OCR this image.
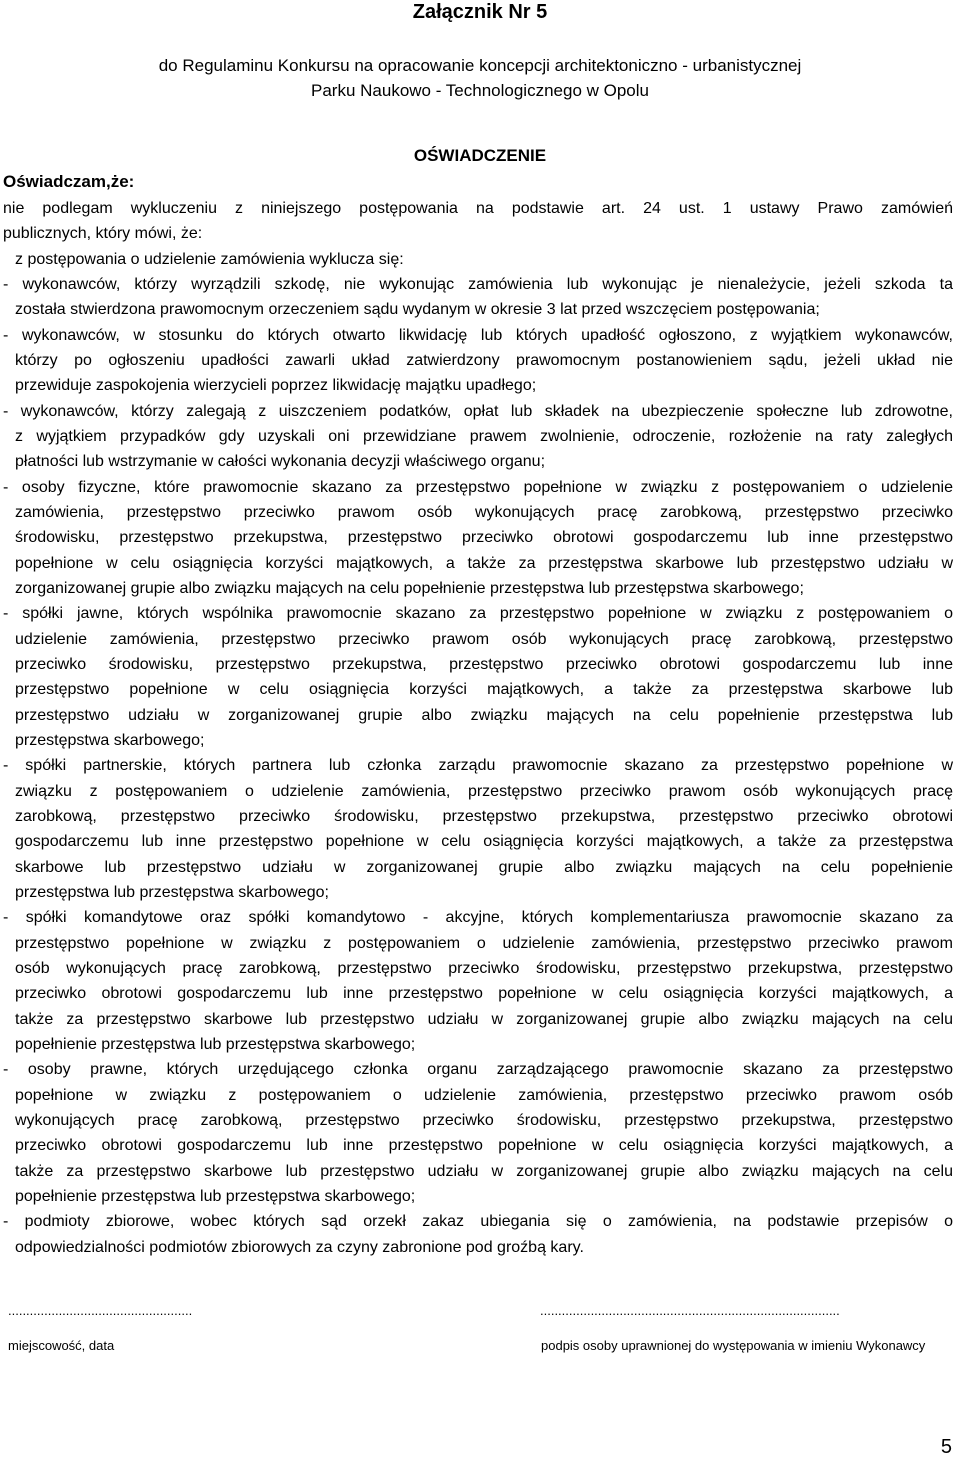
Załącznik Nr 5
do Regulaminu Konkursu na opracowanie koncepcji architektoniczno - urbanistycznej
Parku Naukowo - Technologicznego w Opolu
OŚWIADCZENIE
Oświadczam,że:
nie podlegam wykluczeniu z niniejszego postępowania na podstawie art. 24 ust. 1 ustawy Prawo zamówień
publicznych, który mówi, że:
z postępowania o udzielenie zamówienia wyklucza się:
- wykonawców, którzy wyrządzili szkodę, nie wykonując zamówienia lub wykonując je nienależycie, jeżeli szkoda ta
została stwierdzona prawomocnym orzeczeniem sądu wydanym w okresie 3 lat przed wszczęciem postępowania;
- wykonawców, w stosunku do których otwarto likwidację lub których upadłość ogłoszono, z wyjątkiem wykonawców,
którzy po ogłoszeniu upadłości zawarli układ zatwierdzony prawomocnym postanowieniem sądu, jeżeli układ nie
przewiduje zaspokojenia wierzycieli poprzez likwidację majątku upadłego;
- wykonawców, którzy zalegają z uiszczeniem podatków, opłat lub składek na ubezpieczenie społeczne lub zdrowotne,
z wyjątkiem przypadków gdy uzyskali oni przewidziane prawem zwolnienie, odroczenie, rozłożenie na raty zaległych
płatności lub wstrzymanie w całości wykonania decyzji właściwego organu;
- osoby fizyczne, które prawomocnie skazano za przestępstwo popełnione w związku z postępowaniem o udzielenie
zamówienia, przestępstwo przeciwko prawom osób wykonujących pracę zarobkową, przestępstwo przeciwko
środowisku, przestępstwo przekupstwa, przestępstwo przeciwko obrotowi gospodarczemu lub inne przestępstwo
popełnione w celu osiągnięcia korzyści majątkowych, a także za przestępstwa skarbowe lub przestępstwo udziału w
zorganizowanej grupie albo związku mających na celu popełnienie przestępstwa lub przestępstwa skarbowego;
- spółki jawne, których wspólnika prawomocnie skazano za przestępstwo popełnione w związku z postępowaniem o
udzielenie zamówienia, przestępstwo przeciwko prawom osób wykonujących pracę zarobkową, przestępstwo
przeciwko środowisku, przestępstwo przekupstwa, przestępstwo przeciwko obrotowi gospodarczemu lub inne
przestępstwo popełnione w celu osiągnięcia korzyści majątkowych, a także za przestępstwa skarbowe lub
przestępstwo udziału w zorganizowanej grupie albo związku mających na celu popełnienie przestępstwa lub
przestępstwa skarbowego;
- spółki partnerskie, których partnera lub członka zarządu prawomocnie skazano za przestępstwo popełnione w
związku z postępowaniem o udzielenie zamówienia, przestępstwo przeciwko prawom osób wykonujących pracę
zarobkową, przestępstwo przeciwko środowisku, przestępstwo przekupstwa, przestępstwo przeciwko obrotowi
gospodarczemu lub inne przestępstwo popełnione w celu osiągnięcia korzyści majątkowych, a także za przestępstwa
skarbowe lub przestępstwo udziału w zorganizowanej grupie albo związku mających na celu popełnienie
przestępstwa lub przestępstwa skarbowego;
- spółki komandytowe oraz spółki komandytowo - akcyjne, których komplementariusza prawomocnie skazano za
przestępstwo popełnione w związku z postępowaniem o udzielenie zamówienia, przestępstwo przeciwko prawom
osób wykonujących pracę zarobkową, przestępstwo przeciwko środowisku, przestępstwo przekupstwa, przestępstwo
przeciwko obrotowi gospodarczemu lub inne przestępstwo popełnione w celu osiągnięcia korzyści majątkowych, a
także za przestępstwo skarbowe lub przestępstwo udziału w zorganizowanej grupie albo związku mających na celu
popełnienie przestępstwa lub przestępstwa skarbowego;
- osoby prawne, których urzędującego członka organu zarządzającego prawomocnie skazano za przestępstwo
popełnione w związku z postępowaniem o udzielenie zamówienia, przestępstwo przeciwko prawom osób
wykonujących pracę zarobkową, przestępstwo przeciwko środowisku, przestępstwo przekupstwa, przestępstwo
przeciwko obrotowi gospodarczemu lub inne przestępstwo popełnione w celu osiągnięcia korzyści majątkowych, a
także za przestępstwo skarbowe lub przestępstwo udziału w zorganizowanej grupie albo związku mających na celu
popełnienie przestępstwa lub przestępstwa skarbowego;
- podmioty zbiorowe, wobec których sąd orzekł zakaz ubiegania się o zamówienia, na podstawie przepisów o
odpowiedzialności podmiotów zbiorowych za czyny zabronione pod groźbą kary.
...................................................	...................................................................................
miejscowość, data	podpis osoby uprawnionej do występowania w imieniu Wykonawcy
5
